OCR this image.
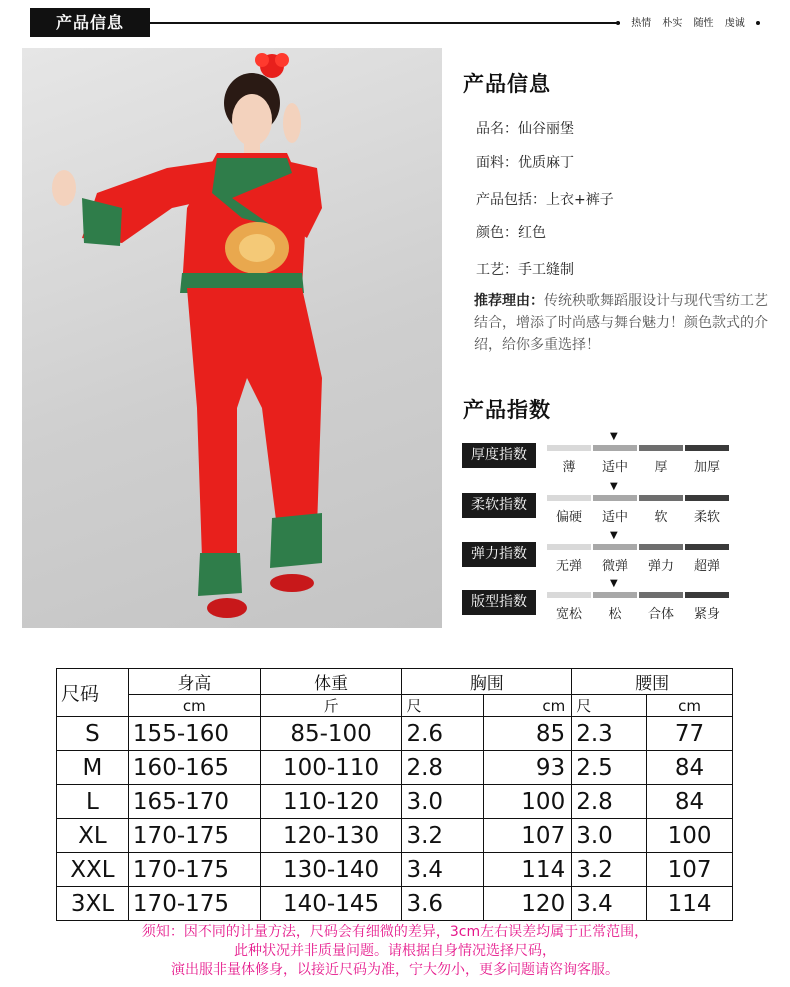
产品信息	热情 朴实 随性 虔诚
产品信息
品名：仙谷丽堡
面料：优质麻丁
产品包括：上衣+裤子
颜色：红色
工艺：手工缝制
推荐理由：传统秧歌舞蹈服设计与现代雪纺工艺结合，增添了时尚感与舞台魅力！颜色款式的介绍，给你多重选择！
产品指数
厚度指数
▼
薄	适中	厚	加厚
柔软指数
▼
偏硬	适中	软	柔软
弹力指数
▼
无弹	微弹	弹力	超弹
版型指数
▼
宽松	松	合体	紧身
尺码	身高	体重	胸围		腰围	
	cm	斤	尺	cm	尺	cm
S	155-160	85-100	2.6	85	2.3	77
M	160-165	100-110	2.8	93	2.5	84
L	165-170	110-120	3.0	100	2.8	84
XL	170-175	120-130	3.2	107	3.0	100
XXL	170-175	130-140	3.4	114	3.2	107
3XL	170-175	140-145	3.6	120	3.4	114
须知：因不同的计量方法，尺码会有细微的差异，3cm左右误差均属于正常范围，
此种状况并非质量问题。请根据自身情况选择尺码，
演出服非量体修身，以接近尺码为准，宁大勿小，更多问题请咨询客服。
